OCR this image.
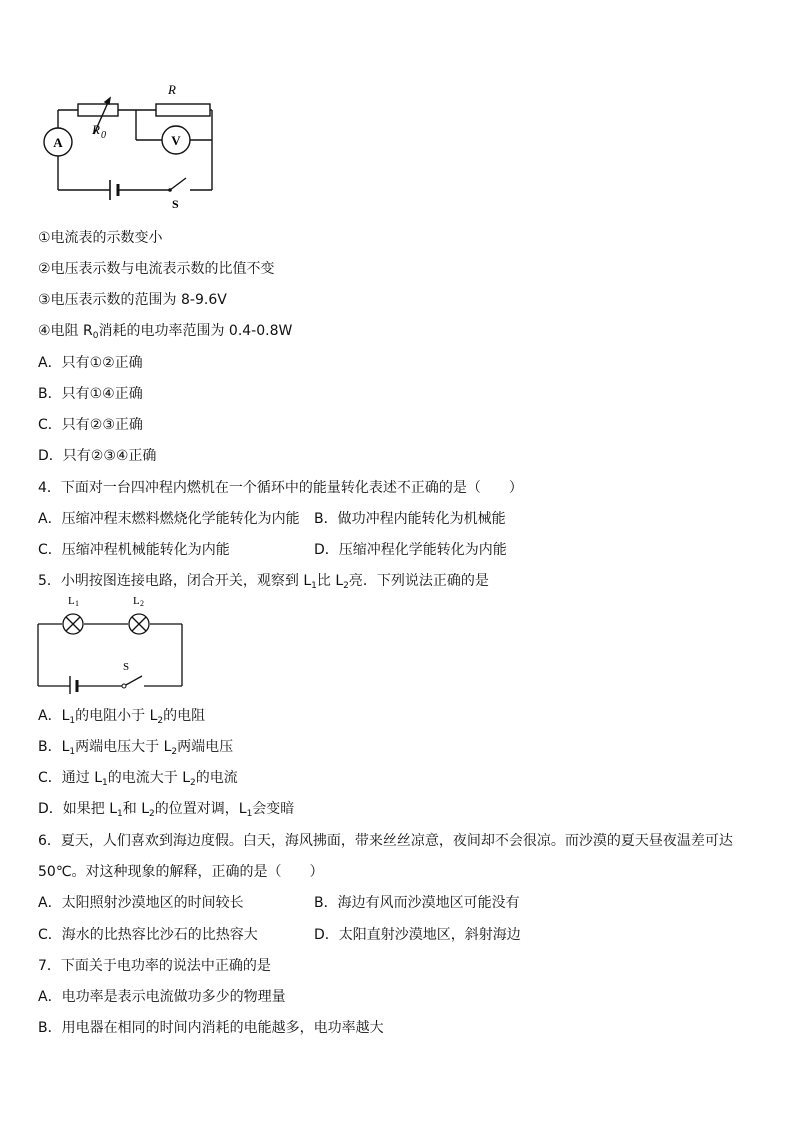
A	V
R 0
R
S
①电流表的示数变小
②电压表示数与电流表示数的比值不变
③电压表示数的范围为 8-9.6V
④电阻 $R_0$消耗的电功率范围为 0.4-0.8W
A．只有①②正确
B．只有①④正确
C．只有②③正确
D．只有②③④正确
4．下面对一台四冲程内燃机在一个循环中的能量转化表述不正确的是（　　）
A．压缩冲程末燃料燃烧化学能转化为内能 B．做功冲程内能转化为机械能
C．压缩冲程机械能转化为内能	D．压缩冲程化学能转化为内能
5．小明按图连接电路，闭合开关，观察到 $L_1$比 $L_2$亮．下列说法正确的是
L 1	L 2
S
A．$L_1$的电阻小于 $L_2$的电阻
B．$L_1$两端电压大于 $L_2$两端电压
C．通过 $L_1$的电流大于 $L_2$的电流
D．如果把 $L_1$和 $L_2$的位置对调，$L_1$会变暗
6．夏天，人们喜欢到海边度假。白天，海风拂面，带来丝丝凉意，夜间却不会很凉。而沙漠的夏天昼夜温差可达
50℃。对这种现象的解释，正确的是（　　）
A．太阳照射沙漠地区的时间较长	B．海边有风而沙漠地区可能没有
C．海水的比热容比沙石的比热容大	D．太阳直射沙漠地区，斜射海边
7．下面关于电功率的说法中正确的是
A．电功率是表示电流做功多少的物理量
B．用电器在相同的时间内消耗的电能越多，电功率越大
